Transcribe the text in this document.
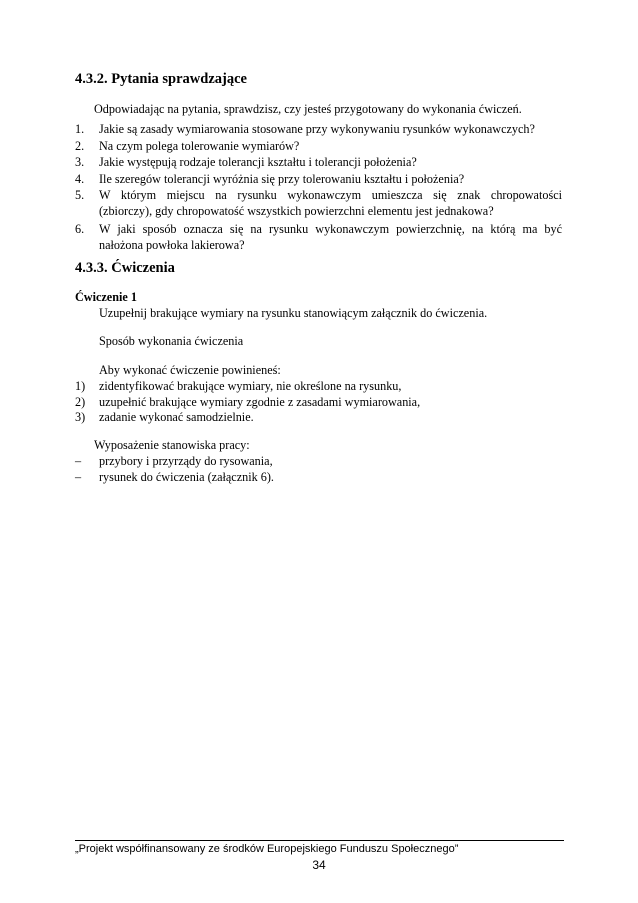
4.3.2. Pytania sprawdzające
Odpowiadając na pytania, sprawdzisz, czy jesteś przygotowany do wykonania ćwiczeń.
1. Jakie są zasady wymiarowania stosowane przy wykonywaniu rysunków wykonawczych?
2. Na czym polega tolerowanie wymiarów?
3. Jakie występują rodzaje tolerancji kształtu i tolerancji położenia?
4. Ile szeregów tolerancji wyróżnia się przy tolerowaniu kształtu i położenia?
5. W którym miejscu na rysunku wykonawczym umieszcza się znak chropowatości
(zbiorczy), gdy chropowatość wszystkich powierzchni elementu jest jednakowa?
6. W jaki sposób oznacza się na rysunku wykonawczym powierzchnię, na którą ma być
nałożona powłoka lakierowa?
4.3.3. Ćwiczenia
Ćwiczenie 1
Uzupełnij brakujące wymiary na rysunku stanowiącym załącznik do ćwiczenia.
Sposób wykonania ćwiczenia
Aby wykonać ćwiczenie powinieneś:
1) zidentyfikować brakujące wymiary, nie określone na rysunku,
2) uzupełnić brakujące wymiary zgodnie z zasadami wymiarowania,
3) zadanie wykonać samodzielnie.
Wyposażenie stanowiska pracy:
– przybory i przyrządy do rysowania,
– rysunek do ćwiczenia (załącznik 6).
„Projekt współfinansowany ze środków Europejskiego Funduszu Społecznego”
34
